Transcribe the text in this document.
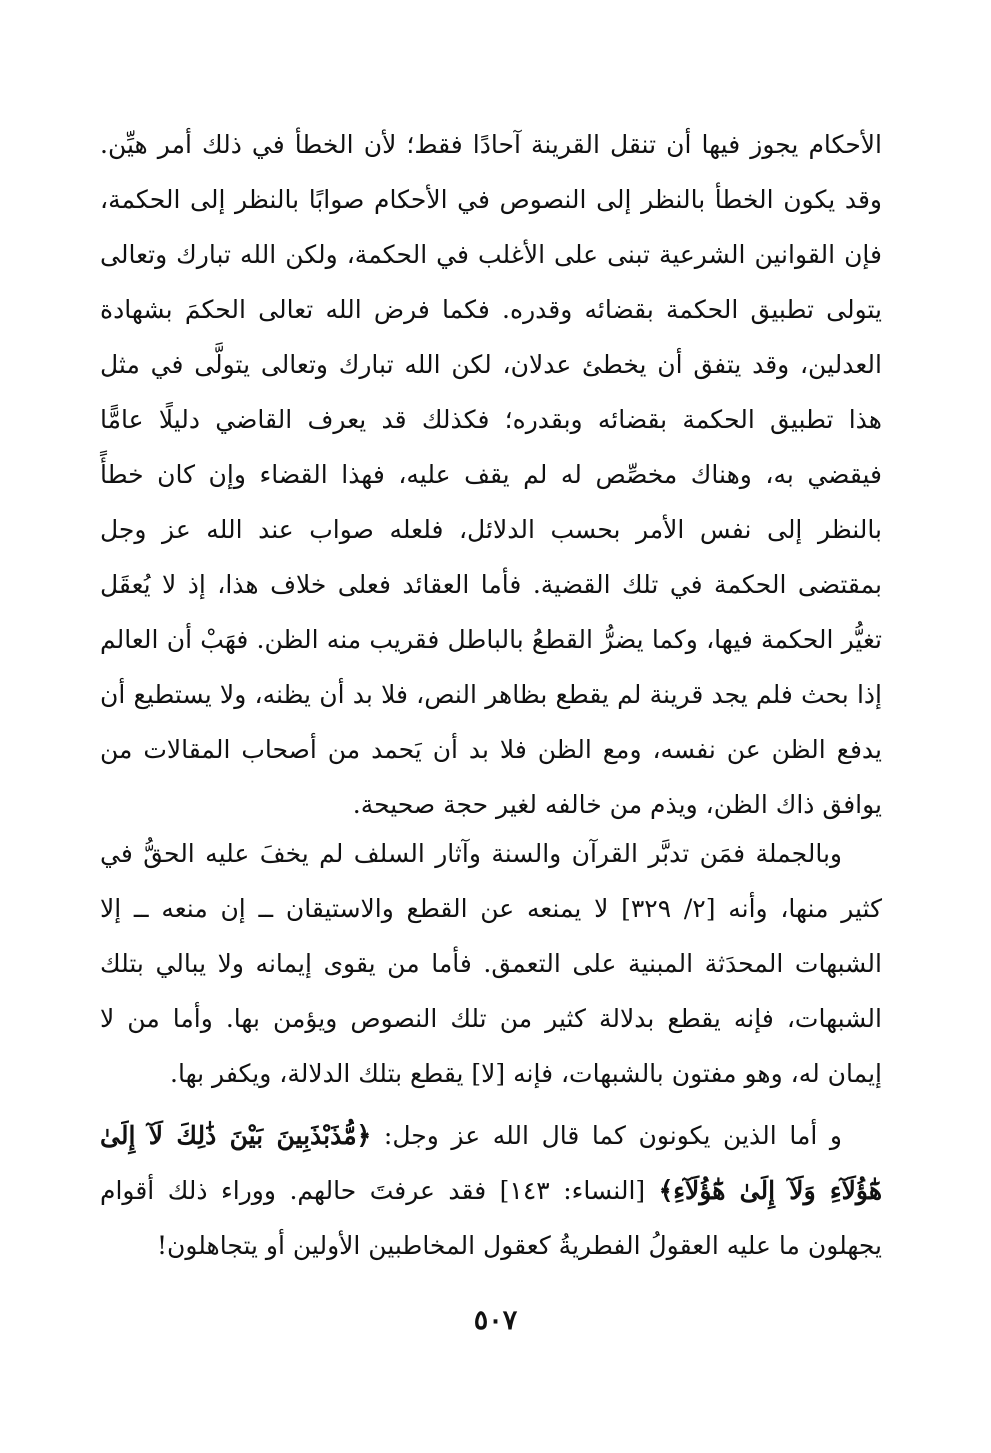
الأحكام يجوز فيها أن تنقل القرينة آحادًا فقط؛ لأن الخطأ في ذلك أمر هيِّن. وقد يكون الخطأ بالنظر إلى النصوص في الأحكام صوابًا بالنظر إلى الحكمة، فإن القوانين الشرعية تبنى على الأغلب في الحكمة، ولكن الله تبارك وتعالى يتولى تطبيق الحكمة بقضائه وقدره. فكما فرض الله تعالى الحكمَ بشهادة العدلين، وقد يتفق أن يخطئ عدلان، لكن الله تبارك وتعالى يتولَّى في مثل هذا تطبيق الحكمة بقضائه وبقدره؛ فكذلك قد يعرف القاضي دليلًا عامًّا فيقضي به، وهناك مخصِّص له لم يقف عليه، فهذا القضاء وإن كان خطأً بالنظر إلى نفس الأمر بحسب الدلائل، فلعله صواب عند الله عز وجل بمقتضى الحكمة في تلك القضية. فأما العقائد فعلى خلاف هذا، إذ لا يُعقَل تغيُّر الحكمة فيها، وكما يضرُّ القطعُ بالباطل فقريب منه الظن. فهَبْ أن العالم إذا بحث فلم يجد قرينة لم يقطع بظاهر النص، فلا بد أن يظنه، ولا يستطيع أن يدفع الظن عن نفسه، ومع الظن فلا بد أن يَحمد من أصحاب المقالات من يوافق ذاك الظن، ويذم من خالفه لغير حجة صحيحة.
وبالجملة فمَن تدبَّر القرآن والسنة وآثار السلف لم يخفَ عليه الحقُّ في كثير منها، وأنه [٢/ ٣٢٩] لا يمنعه عن القطع والاستيقان ــ إن منعه ــ إلا الشبهات المحدَثة المبنية على التعمق. فأما من يقوى إيمانه ولا يبالي بتلك الشبهات، فإنه يقطع بدلالة كثير من تلك النصوص ويؤمن بها. وأما من لا إيمان له، وهو مفتون بالشبهات، فإنه [لا] يقطع بتلك الدلالة، ويكفر بها.
و أما الذين يكونون كما قال الله عز وجل: ﴿مُّذَبْذَبِينَ بَيْنَ ذَٰلِكَ لَآ إِلَىٰ هَٰٓؤُلَآءِ وَلَآ إِلَىٰ هَٰٓؤُلَآءِ﴾ [النساء: ١٤٣] فقد عرفتَ حالهم. ووراء ذلك أقوام يجهلون ما عليه العقولُ الفطريةُ كعقول المخاطبين الأولين أو يتجاهلون!
٥٠٧
